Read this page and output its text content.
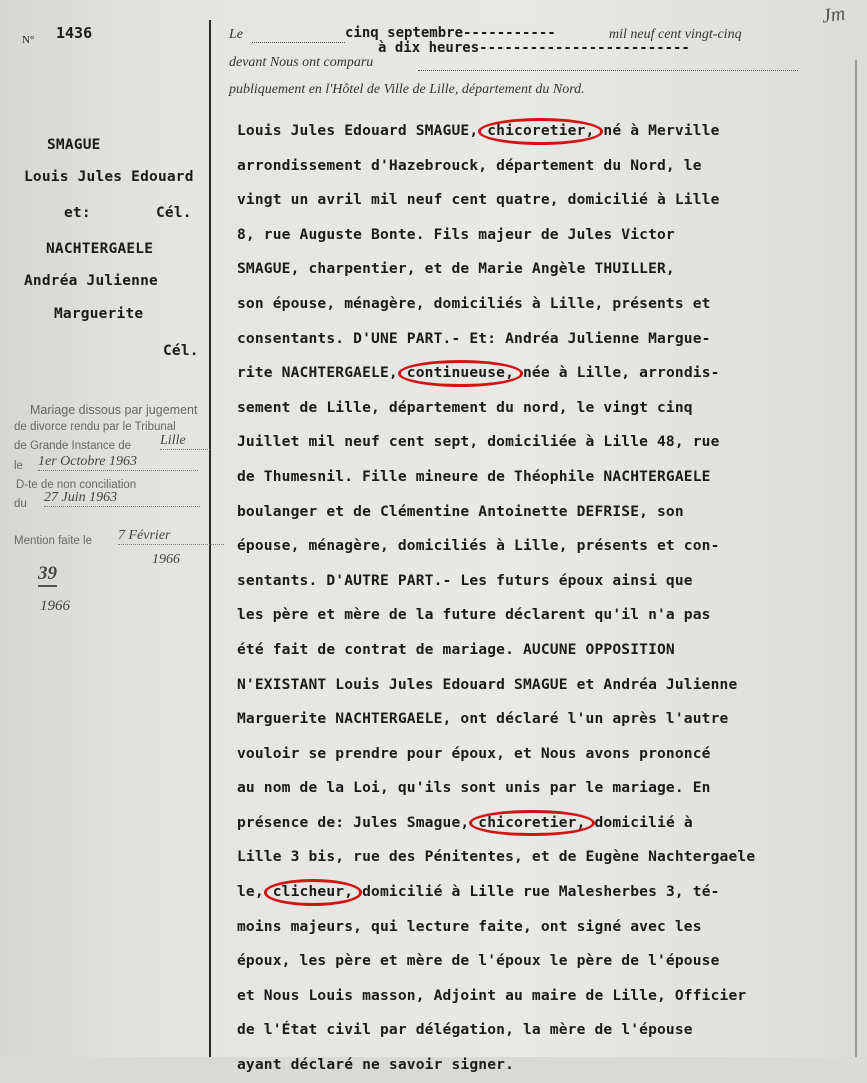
N° 1436
Jm
Le	cinq septembre-----------	mil neuf cent vingt-cinq
à dix heures-------------------------
devant Nous ont comparu
publiquement en l'Hôtel de Ville de Lille, département du Nord.
SMAGUE
Louis Jules Edouard
et:	Cél.
NACHTERGAELE
Andréa Julienne
Marguerite
Cél.
Mariage dissous par jugement
de divorce rendu par le Tribunal
de Grande Instance de Lille
le 1er Octobre 1963
D-te de non conciliation
du 27 Juin 1963
Mention faite le 7 Février
1966
39
1966
Louis Jules Edouard SMAGUE, chicoretier, né à Merville
arrondissement d'Hazebrouck, département du Nord, le
vingt un avril mil neuf cent quatre, domicilié à Lille
8, rue Auguste Bonte. Fils majeur de Jules Victor
SMAGUE, charpentier, et de Marie Angèle THUILLER,
son épouse, ménagère, domiciliés à Lille, présents et
consentants. D'UNE PART.- Et: Andréa Julienne Margue-
rite NACHTERGAELE, continueuse, née à Lille, arrondis-
sement de Lille, département du nord, le vingt cinq
Juillet mil neuf cent sept, domiciliée à Lille 48, rue
de Thumesnil. Fille mineure de Théophile NACHTERGAELE
boulanger et de Clémentine Antoinette DEFRISE, son
épouse, ménagère, domiciliés à Lille, présents et con-
sentants. D'AUTRE PART.- Les futurs époux ainsi que
les père et mère de la future déclarent qu'il n'a pas
été fait de contrat de mariage. AUCUNE OPPOSITION
N'EXISTANT Louis Jules Edouard SMAGUE et Andréa Julienne
Marguerite NACHTERGAELE, ont déclaré l'un après l'autre
vouloir se prendre pour époux, et Nous avons prononcé
au nom de la Loi, qu'ils sont unis par le mariage. En
présence de: Jules Smague, chicoretier, domicilié à
Lille 3 bis, rue des Pénitentes, et de Eugène Nachtergaele
le, clicheur, domicilié à Lille rue Malesherbes 3, té-
moins majeurs, qui lecture faite, ont signé avec les
époux, les père et mère de l'époux le père de l'épouse
et Nous Louis masson, Adjoint au maire de Lille, Officier
de l'État civil par délégation, la mère de l'épouse
ayant déclaré ne savoir signer.
